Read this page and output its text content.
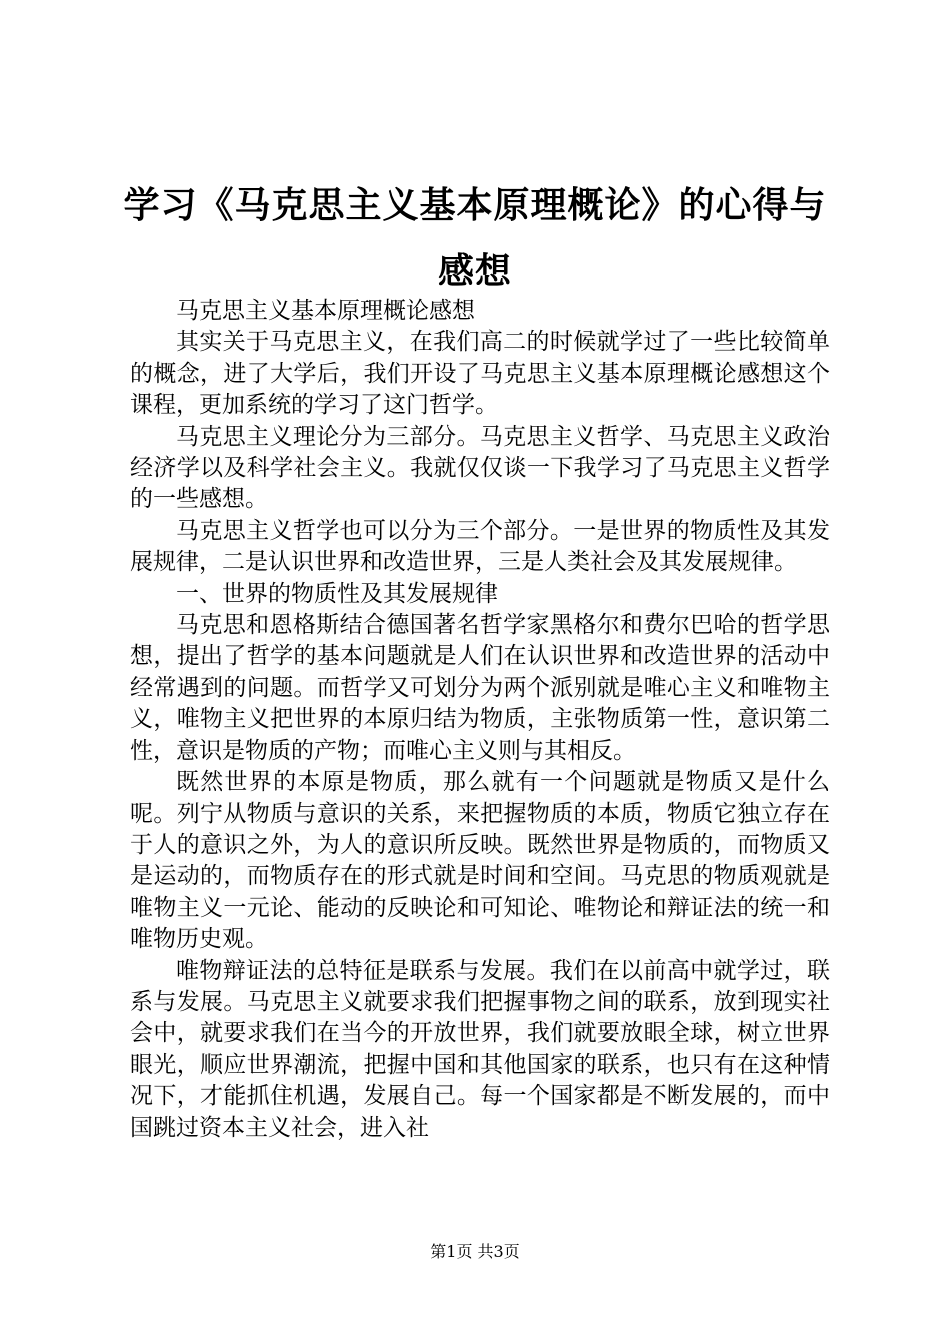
学习《马克思主义基本原理概论》的心得与感想

马克思主义基本原理概论感想

其实关于马克思主义，在我们高二的时候就学过了一些比较简单的概念，进了大学后，我们开设了马克思主义基本原理概论感想这个课程，更加系统的学习了这门哲学。

马克思主义理论分为三部分。马克思主义哲学、马克思主义政治经济学以及科学社会主义。我就仅仅谈一下我学习了马克思主义哲学的一些感想。

马克思主义哲学也可以分为三个部分。一是世界的物质性及其发展规律，二是认识世界和改造世界，三是人类社会及其发展规律。

一、世界的物质性及其发展规律

马克思和恩格斯结合德国著名哲学家黑格尔和费尔巴哈的哲学思想，提出了哲学的基本问题就是人们在认识世界和改造世界的活动中经常遇到的问题。而哲学又可划分为两个派别就是唯心主义和唯物主义，唯物主义把世界的本原归结为物质，主张物质第一性，意识第二性，意识是物质的产物；而唯心主义则与其相反。

既然世界的本原是物质，那么就有一个问题就是物质又是什么呢。列宁从物质与意识的关系，来把握物质的本质，物质它独立存在于人的意识之外，为人的意识所反映。既然世界是物质的，而物质又是运动的，而物质存在的形式就是时间和空间。马克思的物质观就是唯物主义一元论、能动的反映论和可知论、唯物论和辩证法的统一和唯物历史观。

唯物辩证法的总特征是联系与发展。我们在以前高中就学过，联系与发展。马克思主义就要求我们把握事物之间的联系，放到现实社会中，就要求我们在当今的开放世界，我们就要放眼全球，树立世界眼光，顺应世界潮流，把握中国和其他国家的联系，也只有在这种情况下，才能抓住机遇，发展自己。每一个国家都是不断发展的，而中国跳过资本主义社会，进入社

第1页 共3页
